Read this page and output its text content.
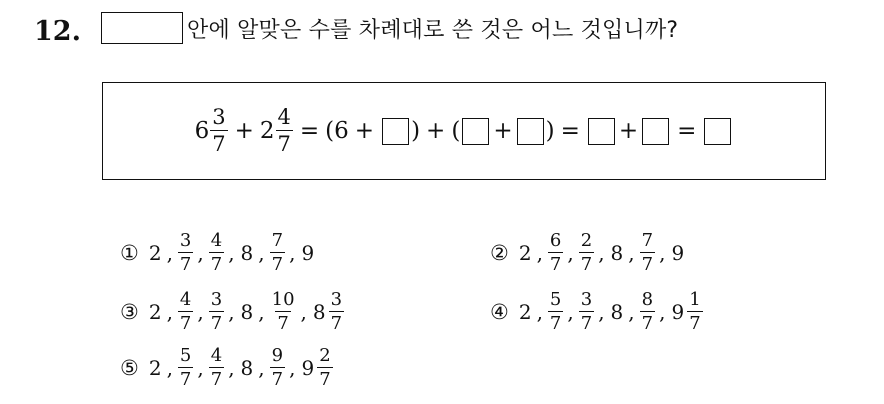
12.	안에 알맞은 수를 차례대로 쓴 것은 어느 것입니까?
$6 \frac{3}{7} + 2 \frac{4}{7}$ = ( 6 + ) + ( + ) = + =
① 2 , $\frac{3}{7}$ , $\frac{4}{7}$ , 8 , $\frac{7}{7}$ , 9	② 2 , $\frac{6}{7}$ , $\frac{2}{7}$ , 8 , $\frac{7}{7}$ , 9
③ 2 , $\frac{4}{7}$ , $\frac{3}{7}$ , 8 , $\frac{10}{7}$ , $8 \frac{3}{7}$	④ 2 , $\frac{5}{7}$ , $\frac{3}{7}$ , 8 , $\frac{8}{7}$ , $9 \frac{1}{7}$
⑤ 2 , $\frac{5}{7}$ , $\frac{4}{7}$ , 8 , $\frac{9}{7}$ , $9 \frac{2}{7}$
